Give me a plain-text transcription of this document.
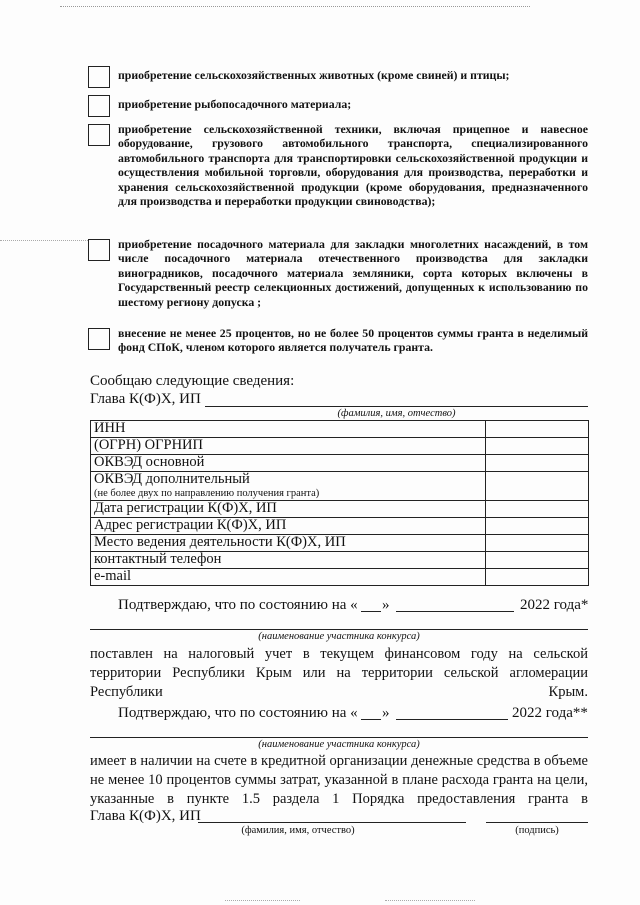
приобретение сельскохозяйственных животных (кроме свиней) и птицы;
приобретение рыбопосадочного материала;
приобретение сельскохозяйственной техники, включая прицепное и навесное оборудование, грузового автомобильного транспорта, специализированного автомобильного транспорта для транспортировки сельскохозяйственной продукции и осуществления мобильной торговли, оборудования для производства, переработки и хранения сельскохозяйственной продукции (кроме оборудования, предназначенного для производства и переработки продукции свиноводства);
приобретение посадочного материала для закладки многолетних насаждений, в том числе посадочного материала отечественного производства для закладки виноградников, посадочного материала земляники, сорта которых включены в Государственный реестр селекционных достижений, допущенных к использованию по шестому региону допуска ;
внесение не менее 25 процентов, но не более 50 процентов суммы гранта в неделимый фонд СПоК, членом которого является получатель гранта.
Сообщаю следующие сведения:
Глава К(Ф)Х, ИП
(фамилия, имя, отчество)
ИНН	
(ОГРН) ОГРНИП	
ОКВЭД основной	
ОКВЭД дополнительный
(не более двух по направлению получения гранта)	

Дата регистрации К(Ф)Х, ИП	
Адрес регистрации К(Ф)Х, ИП	
Место ведения деятельности К(Ф)Х, ИП	
контактный телефон	
e-mail	
Подтверждаю, что по состоянию на « »	2022 года*
(наименование участника конкурса)
поставлен на налоговый учет в текущем финансовом году на сельской территории Республики Крым или на территории сельской агломерации Республики Крым.
Подтверждаю, что по состоянию на « »	2022 года**
(наименование участника конкурса)
имеет в наличии на счете в кредитной организации денежные средства в объеме не менее 10 процентов суммы затрат, указанной в плане расхода гранта на цели, указанные в пункте 1.5 раздела 1 Порядка предоставления гранта в
Глава К(Ф)Х, ИП
(фамилия, имя, отчество)	(подпись)
